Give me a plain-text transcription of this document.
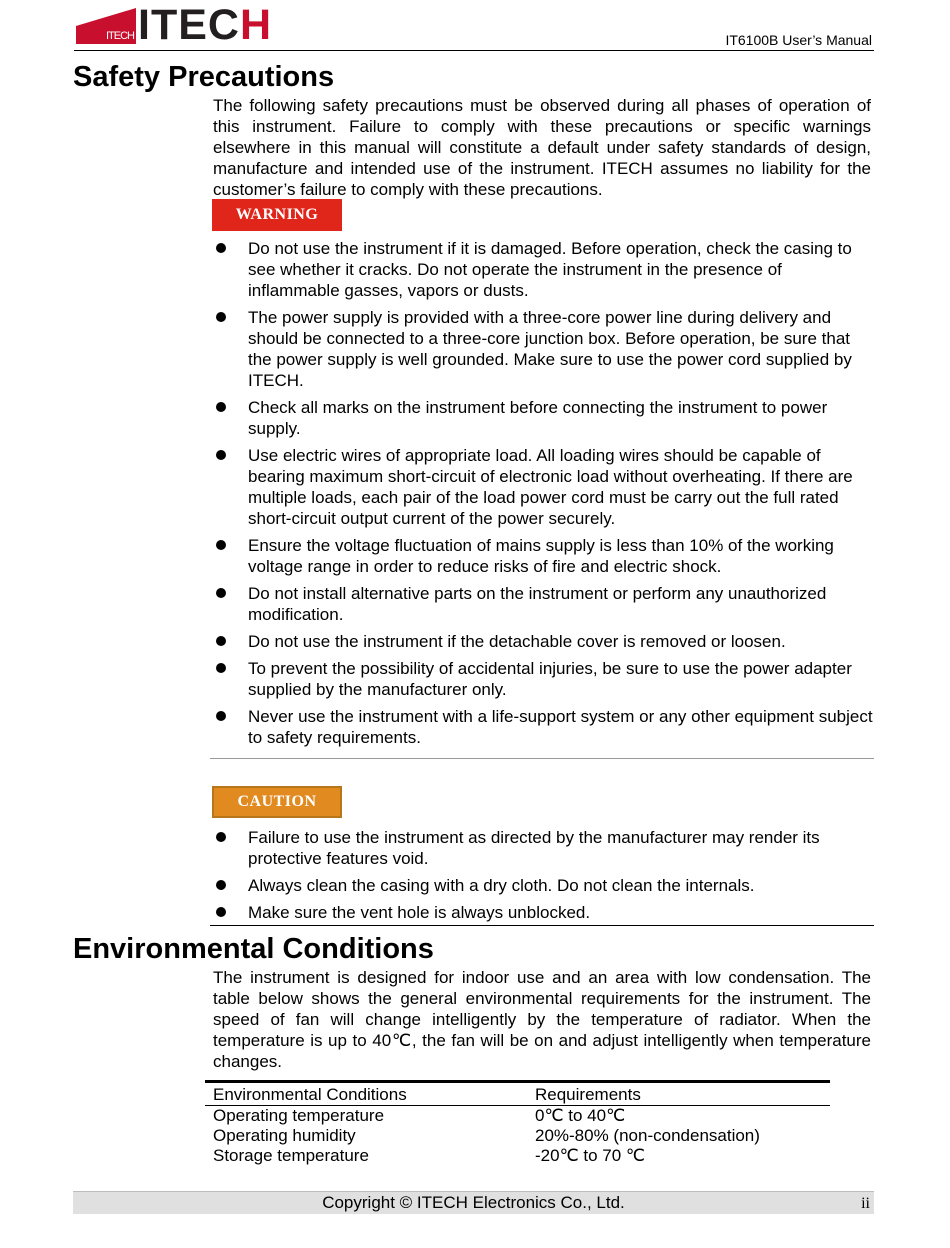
ITECH ITECH	IT6100B User’s Manual
Safety Precautions
The following safety precautions must be observed during all phases of operation of this instrument. Failure to comply with these precautions or specific warnings elsewhere in this manual will constitute a default under safety standards of design, manufacture and intended use of the instrument. ITECH assumes no liability for the customer’s failure to comply with these precautions.
WARNING
Do not use the instrument if it is damaged. Before operation, check the casing to see whether it cracks. Do not operate the instrument in the presence of inflammable gasses, vapors or dusts.
The power supply is provided with a three-core power line during delivery and should be connected to a three-core junction box. Before operation, be sure that the power supply is well grounded. Make sure to use the power cord supplied by ITECH.
Check all marks on the instrument before connecting the instrument to power supply.
Use electric wires of appropriate load. All loading wires should be capable of bearing maximum short-circuit of electronic load without overheating. If there are multiple loads, each pair of the load power cord must be carry out the full rated short-circuit output current of the power securely.
Ensure the voltage fluctuation of mains supply is less than 10% of the working voltage range in order to reduce risks of fire and electric shock.
Do not install alternative parts on the instrument or perform any unauthorized modification.
Do not use the instrument if the detachable cover is removed or loosen.
To prevent the possibility of accidental injuries, be sure to use the power adapter supplied by the manufacturer only.
Never use the instrument with a life-support system or any other equipment subject to safety requirements.
CAUTION
Failure to use the instrument as directed by the manufacturer may render its protective features void.
Always clean the casing with a dry cloth. Do not clean the internals.
Make sure the vent hole is always unblocked.
Environmental Conditions
The instrument is designed for indoor use and an area with low condensation. The table below shows the general environmental requirements for the instrument. The speed of fan will change intelligently by the temperature of radiator. When the temperature is up to 40℃, the fan will be on and adjust intelligently when temperature changes.
Environmental Conditions	Requirements
Operating temperature	0℃ to 40℃
Operating humidity	20%-80% (non-condensation)
Storage temperature	-20℃ to 70 ℃
Copyright © ITECH Electronics Co., Ltd.	ii
